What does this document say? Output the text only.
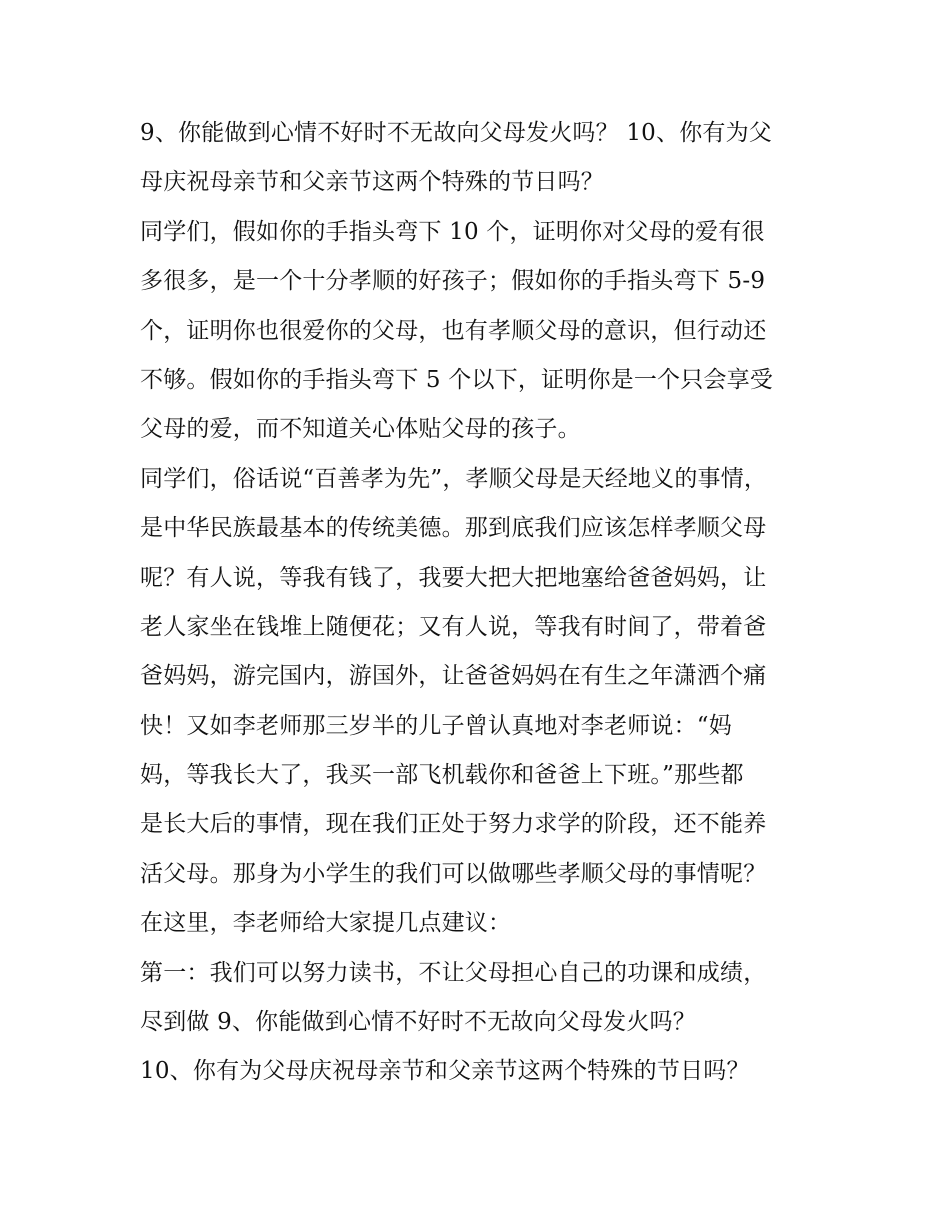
9、你能做到心情不好时不无故向父母发火吗？ 10、你有为父
母庆祝母亲节和父亲节这两个特殊的节日吗？
同学们，假如你的手指头弯下 10 个，证明你对父母的爱有很
多很多，是一个十分孝顺的好孩子；假如你的手指头弯下 5-9
个，证明你也很爱你的父母，也有孝顺父母的意识，但行动还
不够。假如你的手指头弯下 5 个以下，证明你是一个只会享受
父母的爱，而不知道关心体贴父母的孩子。
同学们，俗话说“百善孝为先”，孝顺父母是天经地义的事情，
是中华民族最基本的传统美德。那到底我们应该怎样孝顺父母
呢？有人说，等我有钱了，我要大把大把地塞给爸爸妈妈，让
老人家坐在钱堆上随便花；又有人说，等我有时间了，带着爸
爸妈妈，游完国内，游国外，让爸爸妈妈在有生之年潇洒个痛
快！又如李老师那三岁半的儿子曾认真地对李老师说：“妈
妈，等我长大了，我买一部飞机载你和爸爸上下班。”那些都
是长大后的事情，现在我们正处于努力求学的阶段，还不能养
活父母。那身为小学生的我们可以做哪些孝顺父母的事情呢？
在这里，李老师给大家提几点建议：
第一：我们可以努力读书，不让父母担心自己的功课和成绩，
尽到做 9、你能做到心情不好时不无故向父母发火吗？
10、你有为父母庆祝母亲节和父亲节这两个特殊的节日吗？
